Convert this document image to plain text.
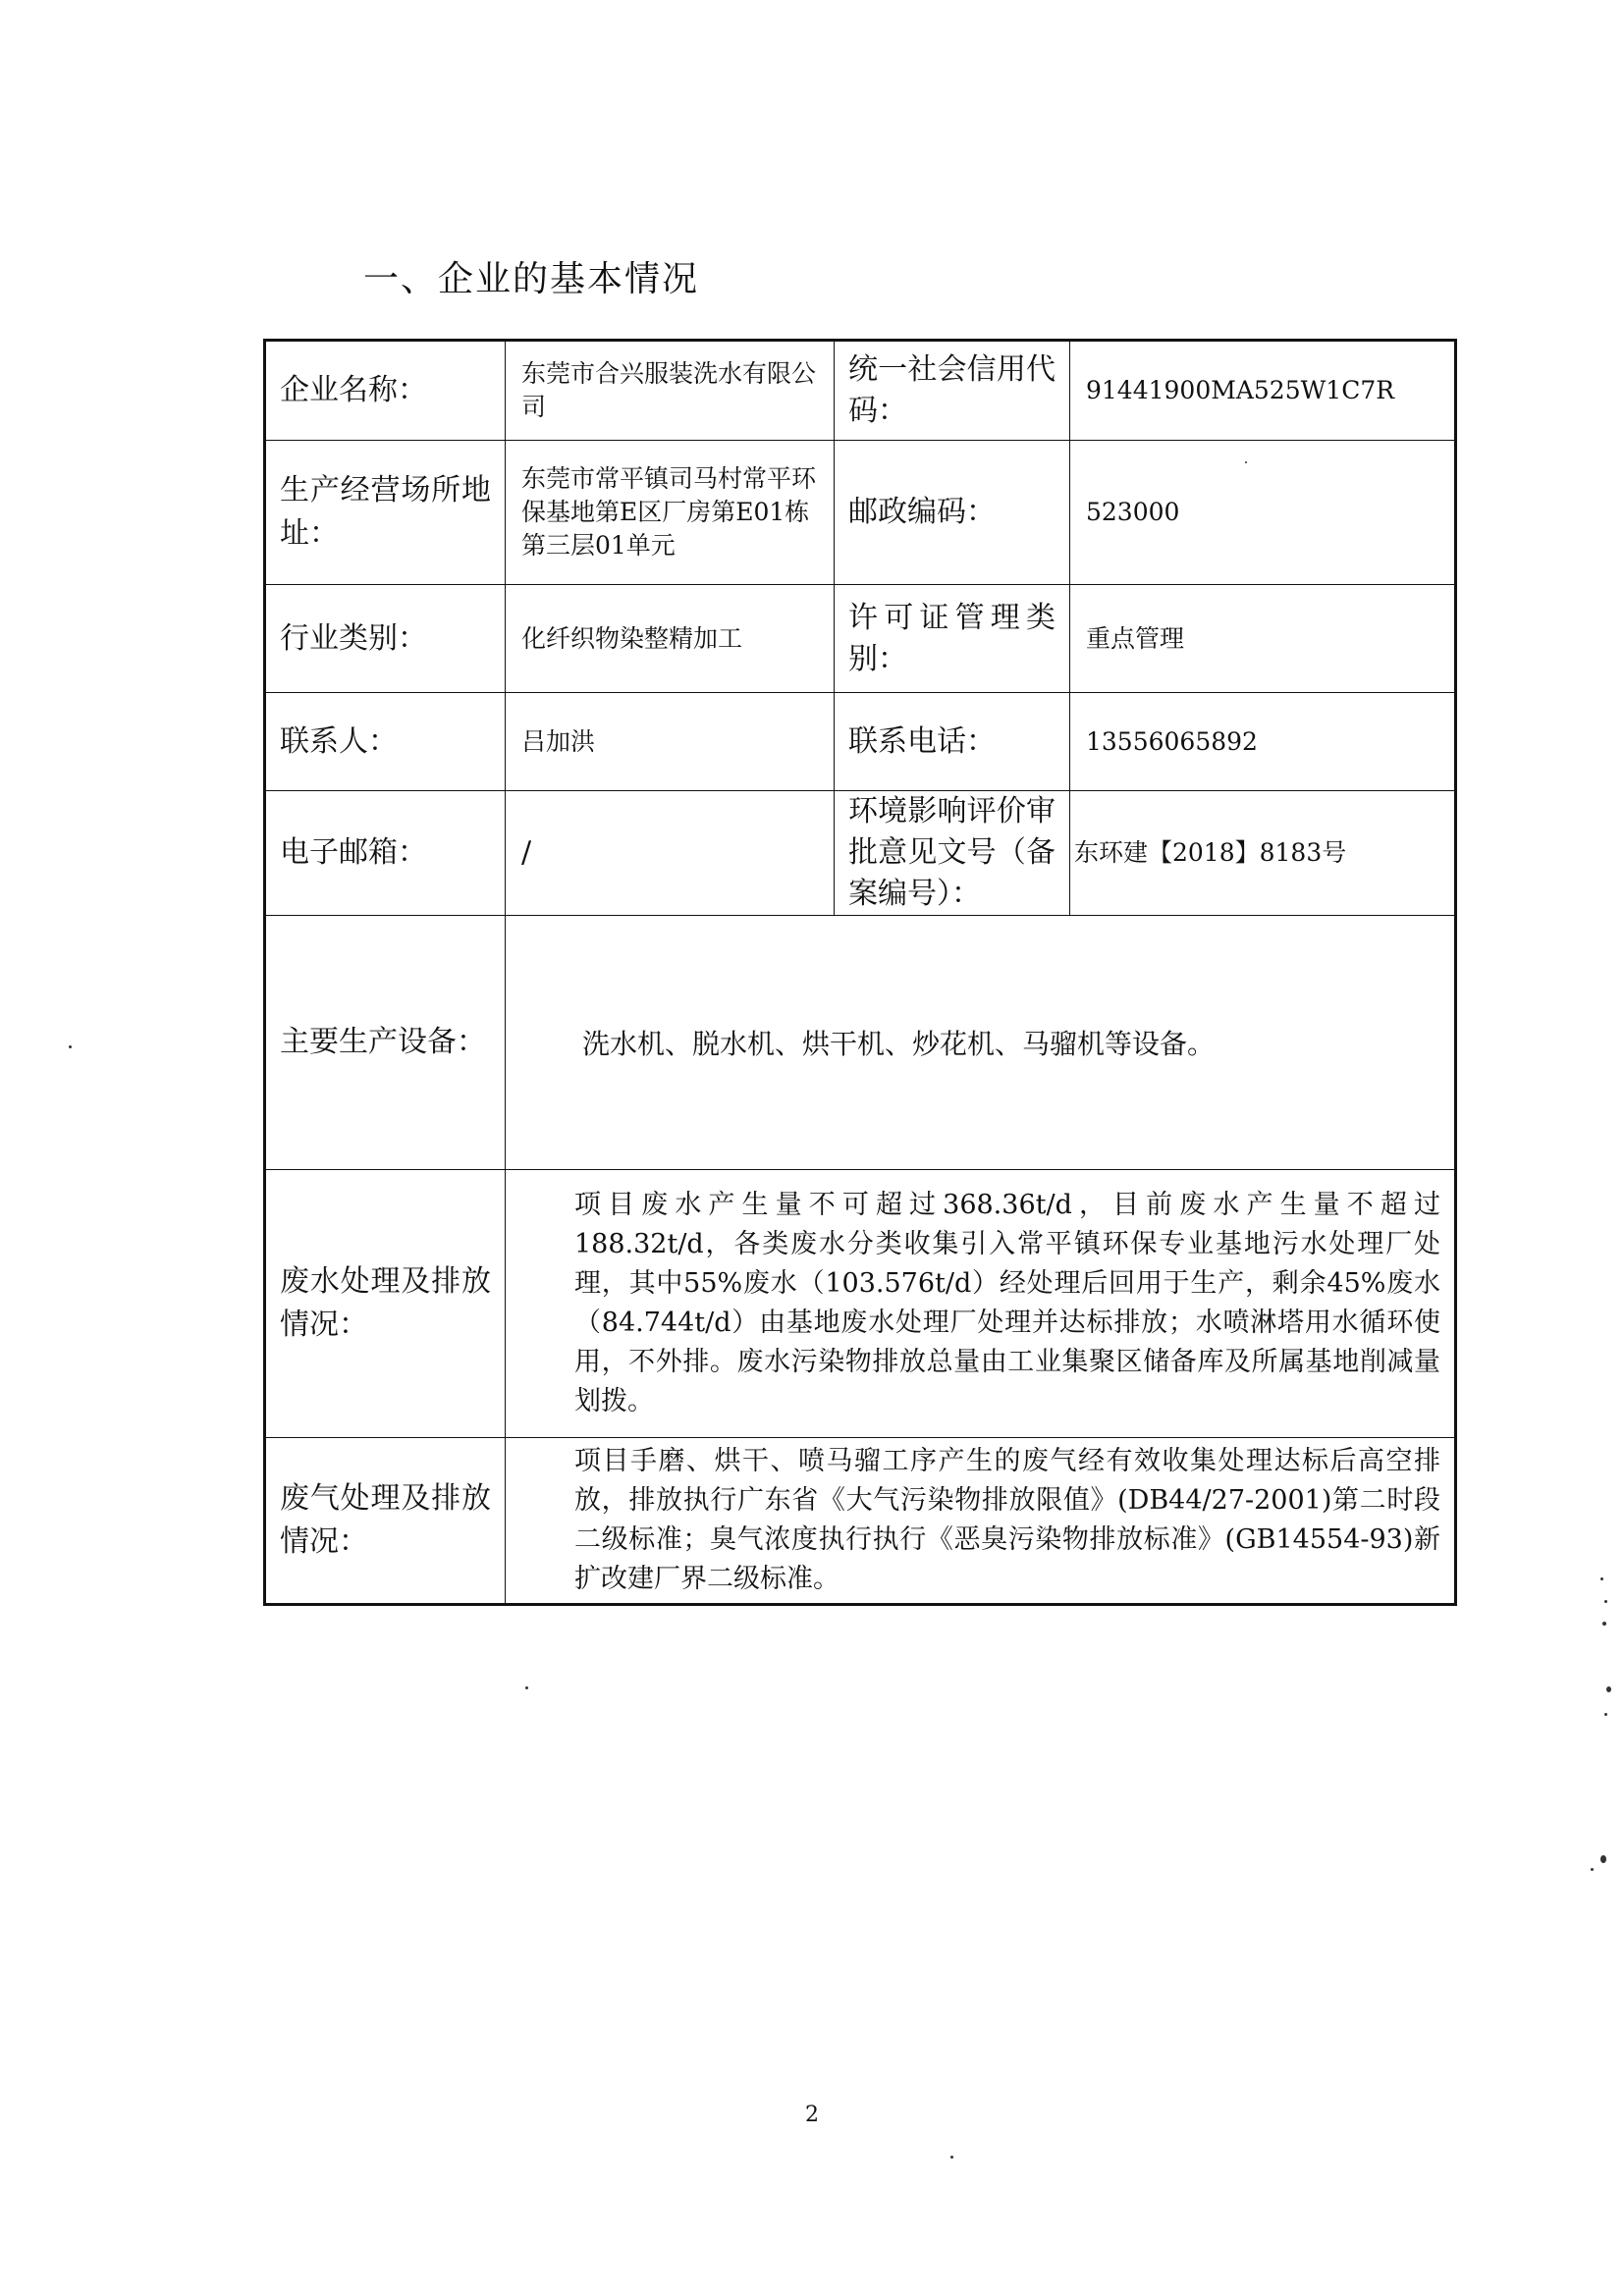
一、企业的基本情况
企业名称：	东莞市合兴服装洗水有限公司	统一社会信用代码：	91441900MA525W1C7R
生产经营场所地址：	东莞市常平镇司马村常平环保基地第E区厂房第E01栋第三层01单元	邮政编码：	523000
行业类别：	化纤织物染整精加工	许可证管理类别：	重点管理
联系人：	吕加洪	联系电话：	13556065892
电子邮箱：	/	环境影响评价审批意见文号（备案编号）：	东环建【2018】8183号
主要生产设备：	洗水机、脱水机、烘干机、炒花机、马骝机等设备。		
废水处理及排放情况：	项目废水产生量不可超过368.36t/d，目前废水产生量不超过188.32t/d，各类废水分类收集引入常平镇环保专业基地污水处理厂处理，其中55%废水（103.576t/d）经处理后回用于生产，剩余45%废水（84.744t/d）由基地废水处理厂处理并达标排放；水喷淋塔用水循环使用，不外排。废水污染物排放总量由工业集聚区储备库及所属基地削减量划拨。		

废气处理及排放情况：	项目手磨、烘干、喷马骝工序产生的废气经有效收集处理达标后高空排放，排放执行广东省《大气污染物排放限值》(DB44/27-2001)第二时段二级标准；臭气浓度执行执行《恶臭污染物排放标准》(GB14554-93)新扩改建厂界二级标准。		
2
